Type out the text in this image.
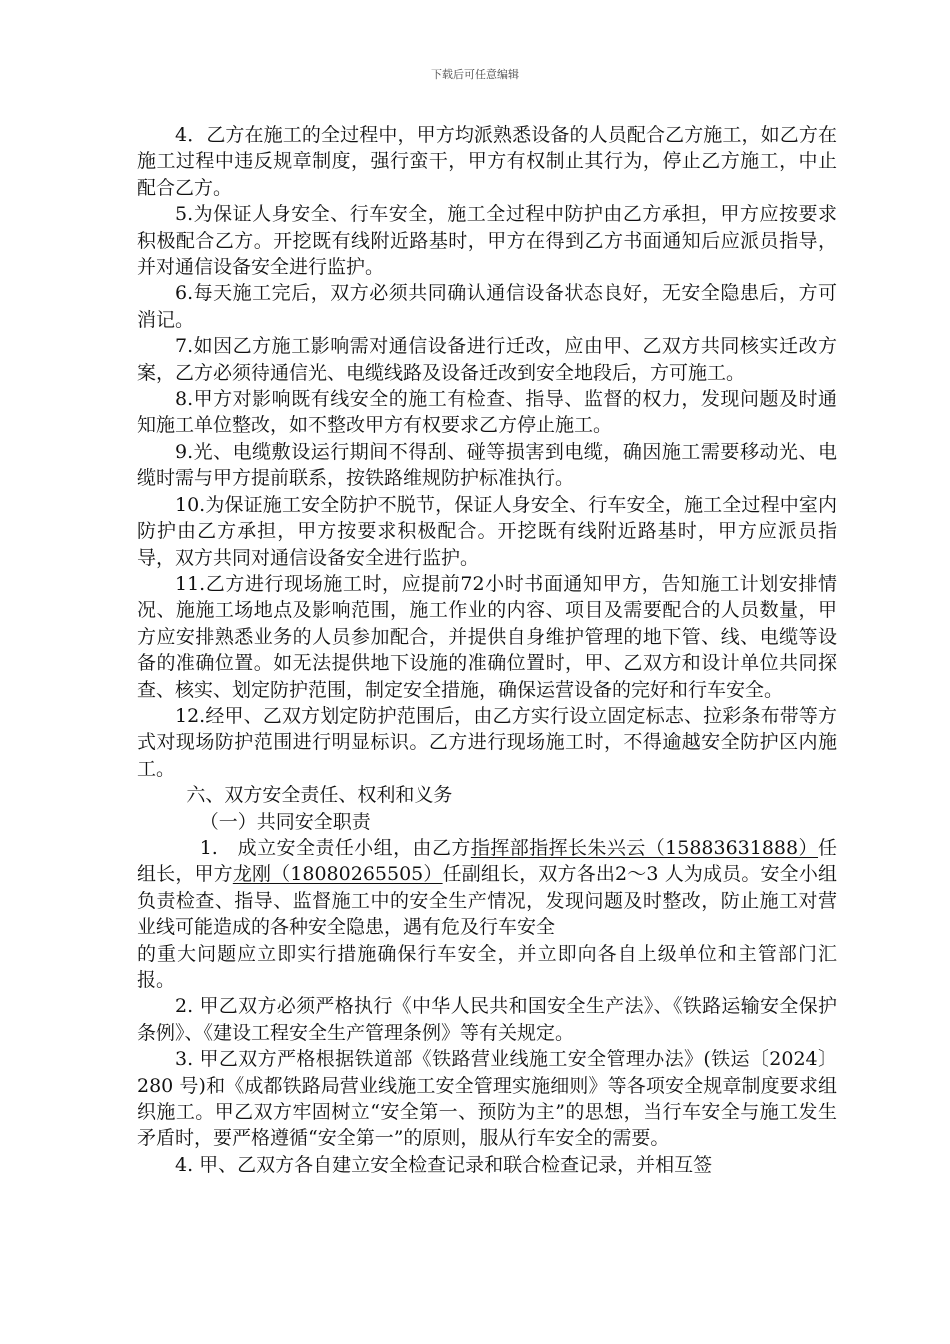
下载后可任意编辑

4．乙方在施工的全过程中，甲方均派熟悉设备的人员配合乙方施工，如乙方在施工过程中违反规章制度，强行蛮干，甲方有权制止其行为，停止乙方施工，中止配合乙方。

5.为保证人身安全、行车安全，施工全过程中防护由乙方承担，甲方应按要求积极配合乙方。开挖既有线附近路基时，甲方在得到乙方书面通知后应派员指导，并对通信设备安全进行监护。

6.每天施工完后，双方必须共同确认通信设备状态良好，无安全隐患后，方可消记。

7.如因乙方施工影响需对通信设备进行迁改，应由甲、乙双方共同核实迁改方案，乙方必须待通信光、电缆线路及设备迁改到安全地段后，方可施工。

8.甲方对影响既有线安全的施工有检查、指导、监督的权力，发现问题及时通知施工单位整改，如不整改甲方有权要求乙方停止施工。

9.光、电缆敷设运行期间不得刮、碰等损害到电缆，确因施工需要移动光、电缆时需与甲方提前联系，按铁路维规防护标准执行。

10.为保证施工安全防护不脱节，保证人身安全、行车安全，施工全过程中室内防护由乙方承担，甲方按要求积极配合。开挖既有线附近路基时，甲方应派员指导，双方共同对通信设备安全进行监护。

11.乙方进行现场施工时，应提前72小时书面通知甲方，告知施工计划安排情况、施施工场地点及影响范围，施工作业的内容、项目及需要配合的人员数量，甲方应安排熟悉业务的人员参加配合，并提供自身维护管理的地下管、线、电缆等设备的准确位置。如无法提供地下设施的准确位置时，甲、乙双方和设计单位共同探查、核实、划定防护范围，制定安全措施，确保运营设备的完好和行车安全。

12.经甲、乙双方划定防护范围后，由乙方实行设立固定标志、拉彩条布带等方式对现场防护范围进行明显标识。乙方进行现场施工时，不得逾越安全防护区内施工。

六、双方安全责任、权利和义务

（一）共同安全职责

1.　成立安全责任小组，由乙方指挥部指挥长朱兴云（15883631888）任组长，甲方龙刚（18080265505）任副组长，双方各出2～3 人为成员。安全小组负责检查、指导、监督施工中的安全生产情况，发现问题及时整改，防止施工对营业线可能造成的各种安全隐患，遇有危及行车安全

的重大问题应立即实行措施确保行车安全，并立即向各自上级单位和主管部门汇报。

2. 甲乙双方必须严格执行《中华人民共和国安全生产法》、《铁路运输安全保护条例》、《建设工程安全生产管理条例》等有关规定。

3. 甲乙双方严格根据铁道部《铁路营业线施工安全管理办法》(铁运〔2024〕280 号)和《成都铁路局营业线施工安全管理实施细则》等各项安全规章制度要求组织施工。甲乙双方牢固树立“安全第一、预防为主”的思想，当行车安全与施工发生矛盾时，要严格遵循“安全第一”的原则，服从行车安全的需要。

4. 甲、乙双方各自建立安全检查记录和联合检查记录，并相互签
